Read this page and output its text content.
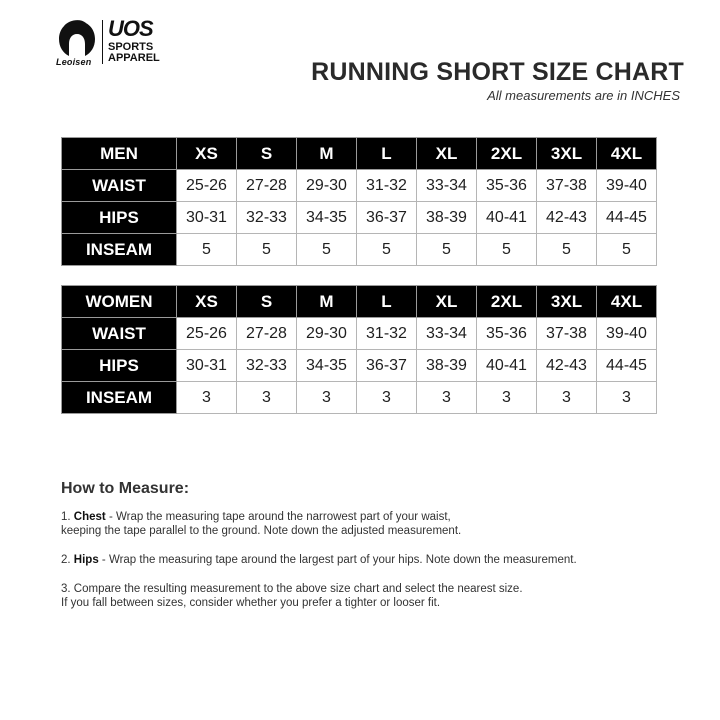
Leoisen
UOS
SPORTS
APPAREL	RUNNING SHORT SIZE CHART
All measurements are in INCHES
MEN	XS	S	M	L	XL	2XL	3XL	4XL
WAIST	25-26	27-28	29-30	31-32	33-34	35-36	37-38	39-40
HIPS	30-31	32-33	34-35	36-37	38-39	40-41	42-43	44-45
INSEAM	5	5	5	5	5	5	5	5
WOMEN	XS	S	M	L	XL	2XL	3XL	4XL
WAIST	25-26	27-28	29-30	31-32	33-34	35-36	37-38	39-40
HIPS	30-31	32-33	34-35	36-37	38-39	40-41	42-43	44-45
INSEAM	3	3	3	3	3	3	3	3
How to Measure:
1. Chest - Wrap the measuring tape around the narrowest part of your waist,
keeping the tape parallel to the ground. Note down the adjusted measurement.
2. Hips - Wrap the measuring tape around the largest part of your hips. Note down the measurement.
3. Compare the resulting measurement to the above size chart and select the nearest size.
If you fall between sizes, consider whether you prefer a tighter or looser fit.
